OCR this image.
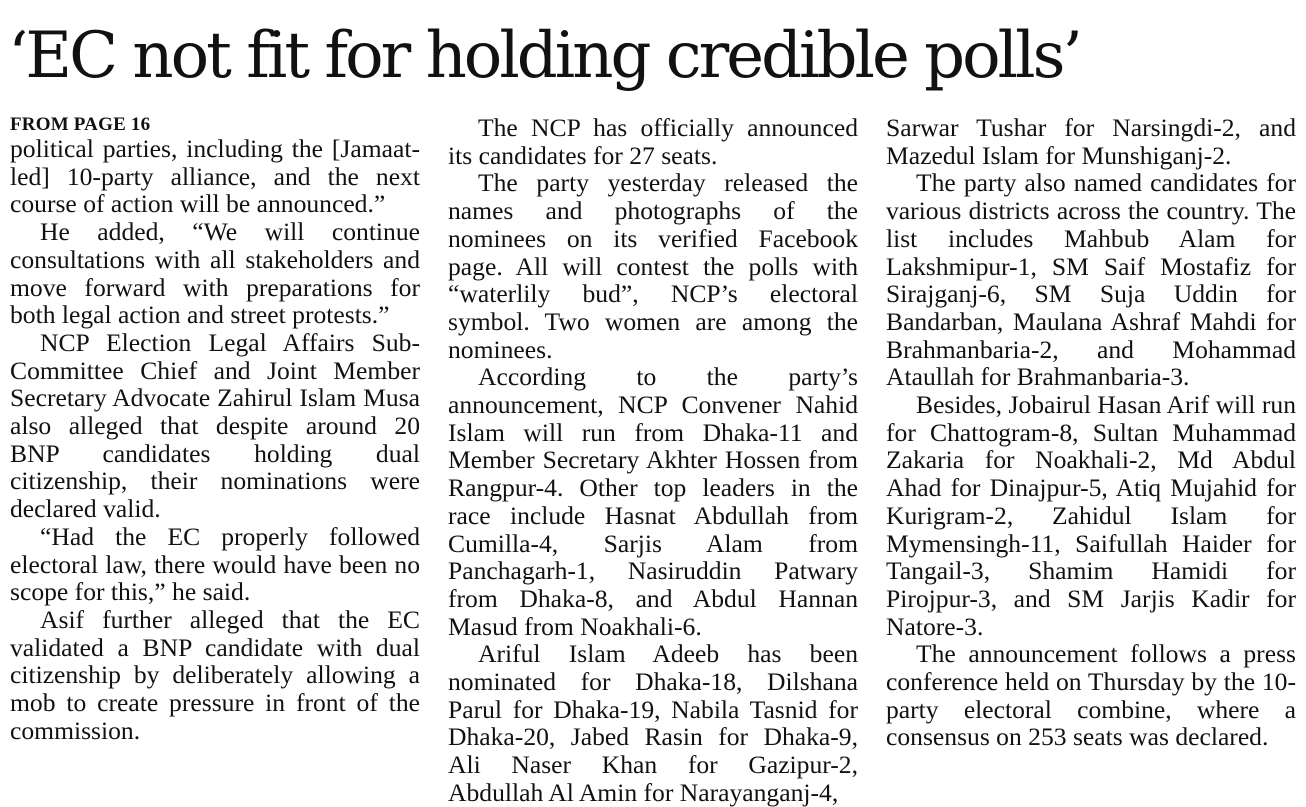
‘EC not fit for holding credible polls’
FROM PAGE 16

political parties, including the [Jamaat-led] 10-party alliance, and the next course of action will be announced.”

He added, “We will continue consultations with all stakeholders and move forward with preparations for both legal action and street protests.”

NCP Election Legal Affairs Sub-Committee Chief and Joint Member Secretary Advocate Zahirul Islam Musa also alleged that despite around 20 BNP candidates holding dual citizenship, their nominations were declared valid.

“Had the EC properly followed electoral law, there would have been no scope for this,” he said.

Asif further alleged that the EC validated a BNP candidate with dual citizenship by deliberately allowing a mob to create pressure in front of the commission.

The NCP has officially announced its candidates for 27 seats.

The party yesterday released the names and photographs of the nominees on its verified Facebook page. All will contest the polls with “waterlily bud”, NCP’s electoral symbol. Two women are among the nominees.

According to the party’s announcement, NCP Convener Nahid Islam will run from Dhaka-11 and Member Secretary Akhter Hossen from Rangpur-4. Other top leaders in the race include Hasnat Abdullah from Cumilla-4, Sarjis Alam from Panchagarh-1, Nasiruddin Patwary from Dhaka-8, and Abdul Hannan Masud from Noakhali-6.

Ariful Islam Adeeb has been nominated for Dhaka-18, Dilshana Parul for Dhaka-19, Nabila Tasnid for Dhaka-20, Jabed Rasin for Dhaka-9, Ali Naser Khan for Gazipur-2, Abdullah Al Amin for Narayanganj-4,

Sarwar Tushar for Narsingdi-2, and Mazedul Islam for Munshiganj-2.

The party also named candidates for various districts across the country. The list includes Mahbub Alam for Lakshmipur-1, SM Saif Mostafiz for Sirajganj-6, SM Suja Uddin for Bandarban, Maulana Ashraf Mahdi for Brahmanbaria-2, and Mohammad Ataullah for Brahmanbaria-3.

Besides, Jobairul Hasan Arif will run for Chattogram-8, Sultan Muhammad Zakaria for Noakhali-2, Md Abdul Ahad for Dinajpur-5, Atiq Mujahid for Kurigram-2, Zahidul Islam for Mymensingh-11, Saifullah Haider for Tangail-3, Shamim Hamidi for Pirojpur-3, and SM Jarjis Kadir for Natore-3.

The announcement follows a press conference held on Thursday by the 10-party electoral combine, where a consensus on 253 seats was declared.
